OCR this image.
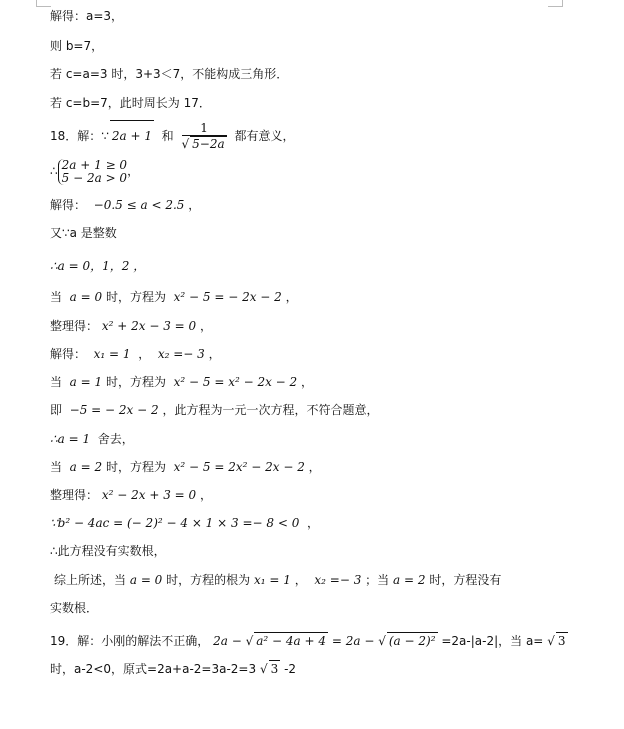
解得：a=3，
则 b=7，
若 c=a=3 时，3+3＜7，不能构成三角形．
若 c=b=7，此时周长为 17．
18．解：∵ 2a + 1 和 $\frac{1}{√ 5-2a}$ 都有意义，
∴ 2a + 1 ≥ 0
5 − 2a > 0 ，
解得： −0.5 ≤ a < 2.5 ，
又∵a 是整数
∴a = 0，1，2 ，
当 a = 0 时，方程为 x² − 5 = − 2x − 2 ，
整理得： x² + 2x − 3 = 0 ，
解得： x₁ = 1 ， x₂ =− 3 ，
当 a = 1 时，方程为 x² − 5 = x² − 2x − 2 ，
即 −5 = − 2x − 2 ，此方程为一元一次方程，不符合题意，
∴a = 1 舍去，
当 a = 2 时，方程为 x² − 5 = 2x² − 2x − 2 ，
整理得： x² − 2x + 3 = 0 ，
∵b² − 4ac = (− 2)² − 4 × 1 × 3 =− 8 < 0 ，
∴此方程没有实数根，
综上所述，当 a = 0 时，方程的根为 x₁ = 1 ， x₂ =− 3 ；当 a = 2 时，方程没有
实数根．
19．解：小刚的解法不正确， 2a − √ a² − 4a + 4 = 2a − √ (a − 2)² =2a-|a-2|，当 a= √ 3
时，a-2<0，原式=2a+a-2=3a-2=3 √ 3 -2
